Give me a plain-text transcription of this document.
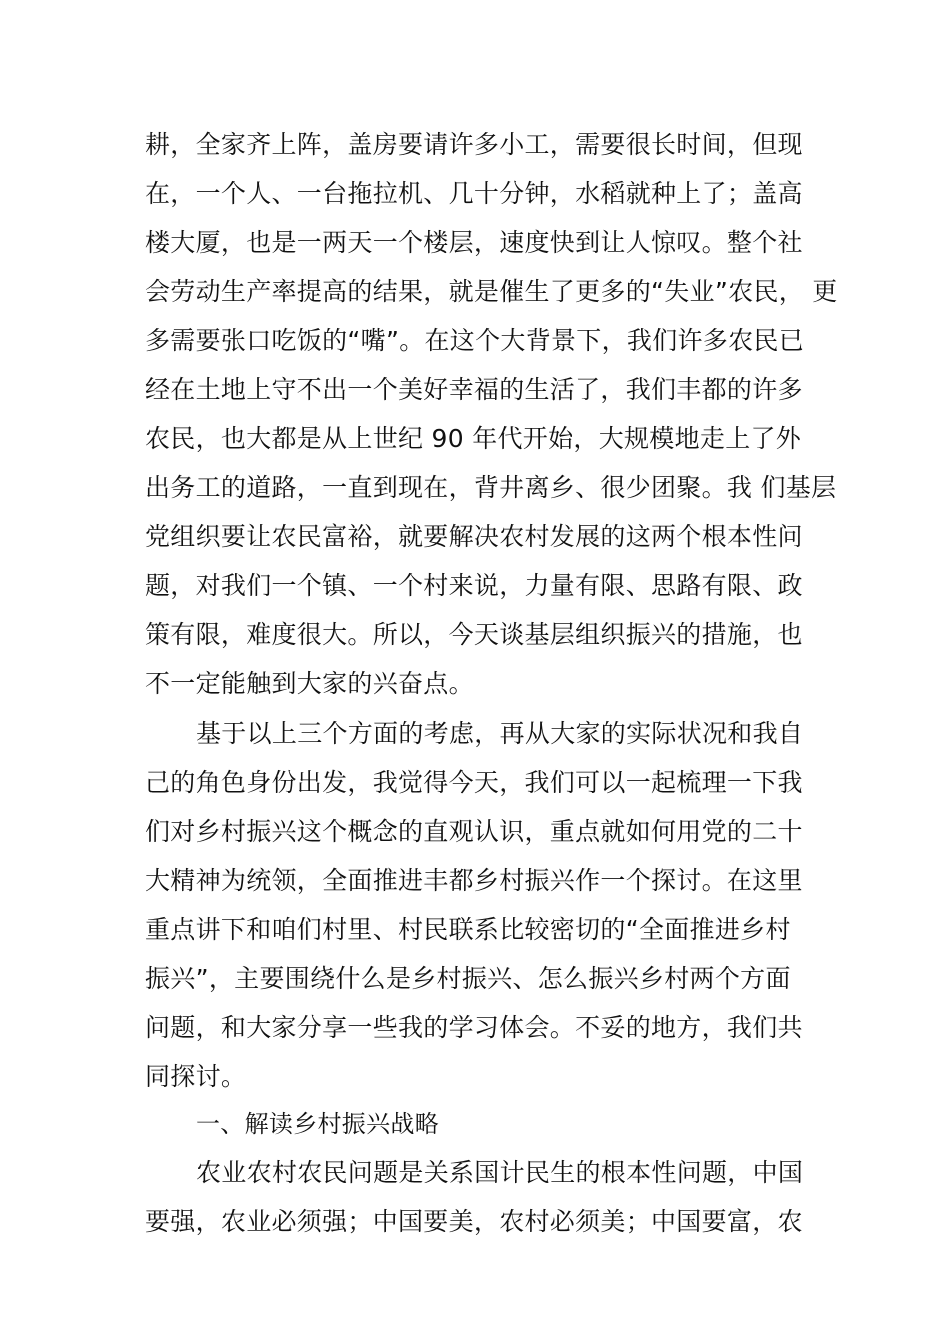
耕，全家齐上阵，盖房要请许多小工，需要很长时间，但现
在，一个人、一台拖拉机、几十分钟，水稻就种上了；盖高
楼大厦，也是一两天一个楼层，速度快到让人惊叹。整个社
会劳动生产率提高的结果，就是催生了更多的“失业”农民， 更
多需要张口吃饭的“嘴”。在这个大背景下，我们许多农民已
经在土地上守不出一个美好幸福的生活了，我们丰都的许多
农民，也大都是从上世纪 90 年代开始，大规模地走上了外
出务工的道路，一直到现在，背井离乡、很少团聚。我 们基层
党组织要让农民富裕，就要解决农村发展的这两个根本性问
题，对我们一个镇、一个村来说，力量有限、思路有限、政
策有限，难度很大。所以，今天谈基层组织振兴的措施，也
不一定能触到大家的兴奋点。
基于以上三个方面的考虑，再从大家的实际状况和我自
己的角色身份出发，我觉得今天，我们可以一起梳理一下我
们对乡村振兴这个概念的直观认识，重点就如何用党的二十
大精神为统领，全面推进丰都乡村振兴作一个探讨。在这里
重点讲下和咱们村里、村民联系比较密切的“全面推进乡村
振兴”，主要围绕什么是乡村振兴、怎么振兴乡村两个方面
问题，和大家分享一些我的学习体会。不妥的地方，我们共
同探讨。
一、解读乡村振兴战略
农业农村农民问题是关系国计民生的根本性问题，中国
要强，农业必须强；中国要美，农村必须美；中国要富，农
